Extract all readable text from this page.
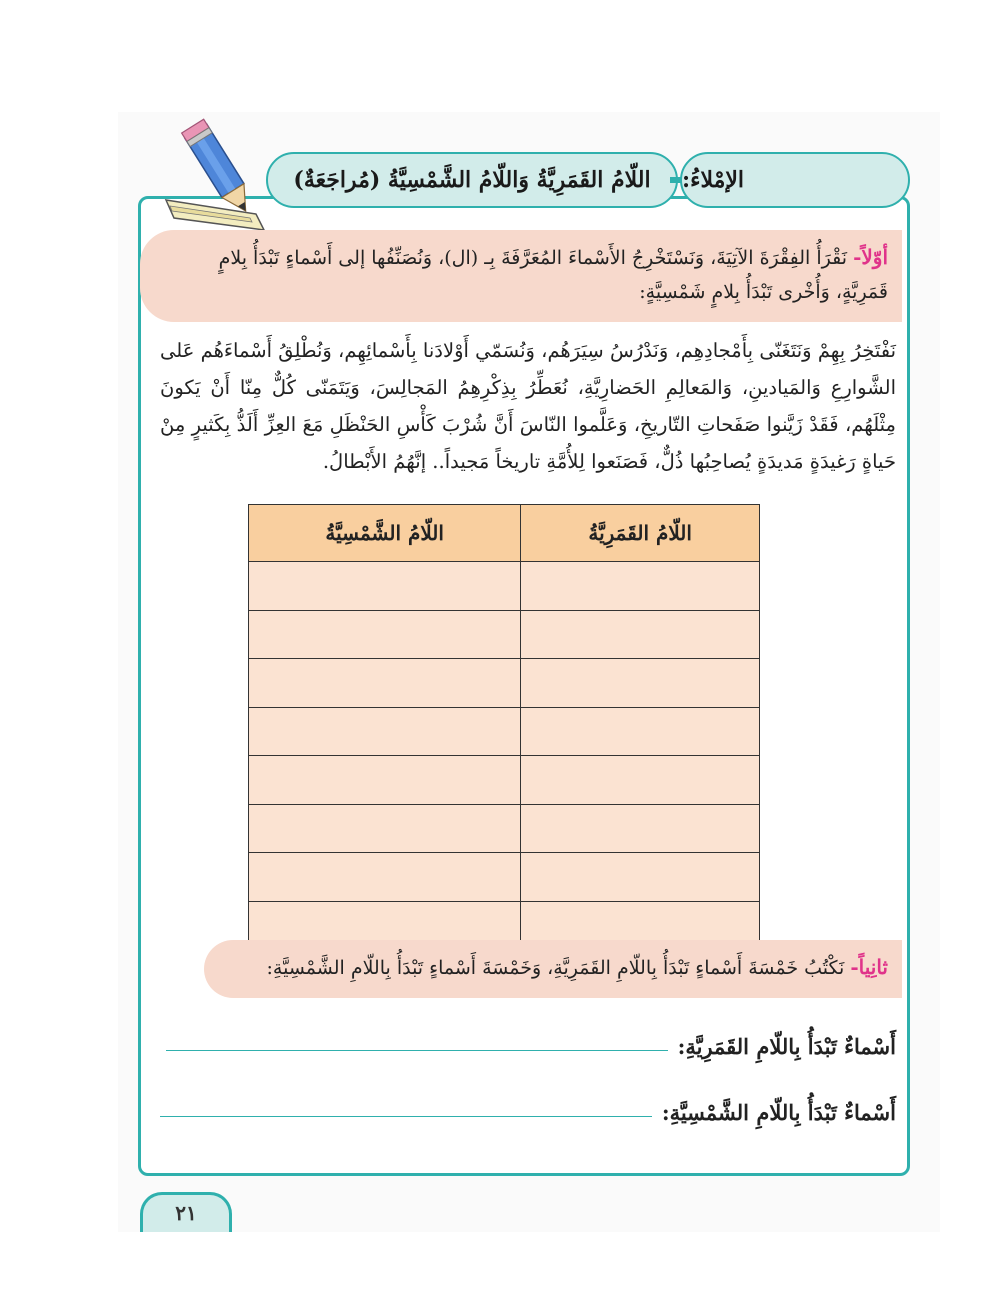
اللّامُ القَمَرِيَّةُ وَاللّامُ الشَّمْسِيَّةُ (مُراجَعَةٌ) الإمْلاءُ:
أوّلاً- نَقْرَأُ الفِقْرَةَ الآتِيَةَ، وَنَسْتَخْرِجُ الأَسْماءَ المُعَرَّفَةَ بِـ (ال)، وَنُصَنِّفُها إلى أَسْماءٍ تَبْدَأُ بِلامٍ قَمَرِيَّةٍ، وَأُخْرى تَبْدَأُ بِلامٍ شَمْسِيَّةٍ:
نَفْتَخِرُ بِهِمْ وَنَتَغَنّى بِأَمْجادِهِم، وَنَدْرُسُ سِيَرَهُم، وَنُسَمّي أَوْلادَنا بِأَسْمائِهِم، وَنُطْلِقُ أَسْماءَهُم عَلى الشَّوارِعِ وَالمَيادينِ، وَالمَعالِمِ الحَضارِيَّةِ، نُعَطِّرُ بِذِكْرِهِمُ المَجالِسَ، وَيَتَمَنّى كُلٌّ مِنّا أَنْ يَكونَ مِثْلَهُم، فَقَدْ زَيَّنوا صَفَحاتِ التّاريخِ، وَعَلَّموا النّاسَ أَنَّ شُرْبَ كَأْسِ الحَنْظَلِ مَعَ العِزِّ أَلَذُّ بِكَثيرٍ مِنْ حَياةٍ رَغيدَةٍ مَديدَةٍ يُصاحِبُها ذُلٌّ، فَصَنَعوا لِلأُمَّةِ تاريخاً مَجيداً.. إنَّهُمُ الأَبْطالُ.
اللّامُ القَمَرِيَّةُ	اللّامُ الشَّمْسِيَّةُ

ثانِياً- نَكْتُبُ خَمْسَةَ أَسْماءٍ تَبْدَأُ بِاللّامِ القَمَرِيَّةِ، وَخَمْسَةَ أَسْماءٍ تَبْدَأُ بِاللّامِ الشَّمْسِيَّةِ:
أَسْماءٌ تَبْدَأُ بِاللّامِ القَمَرِيَّةِ:
أَسْماءٌ تَبْدَأُ بِاللّامِ الشَّمْسِيَّةِ:
٢١
